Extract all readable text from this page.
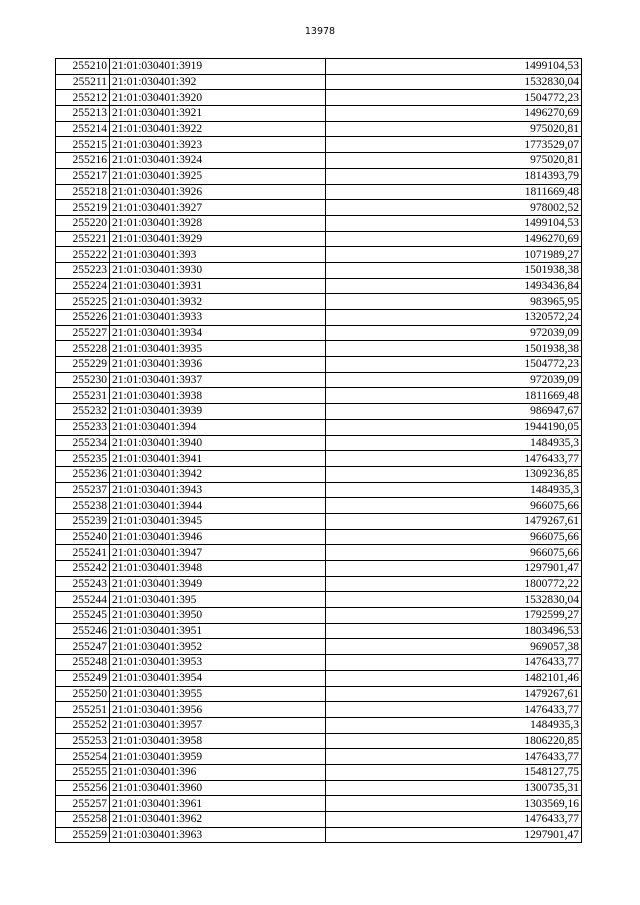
13978
255210	21:01:030401:3919	1499104,53
255211	21:01:030401:392	1532830,04
255212	21:01:030401:3920	1504772,23
255213	21:01:030401:3921	1496270,69
255214	21:01:030401:3922	975020,81
255215	21:01:030401:3923	1773529,07
255216	21:01:030401:3924	975020,81
255217	21:01:030401:3925	1814393,79
255218	21:01:030401:3926	1811669,48
255219	21:01:030401:3927	978002,52
255220	21:01:030401:3928	1499104,53
255221	21:01:030401:3929	1496270,69
255222	21:01:030401:393	1071989,27
255223	21:01:030401:3930	1501938,38
255224	21:01:030401:3931	1493436,84
255225	21:01:030401:3932	983965,95
255226	21:01:030401:3933	1320572,24
255227	21:01:030401:3934	972039,09
255228	21:01:030401:3935	1501938,38
255229	21:01:030401:3936	1504772,23
255230	21:01:030401:3937	972039,09
255231	21:01:030401:3938	1811669,48
255232	21:01:030401:3939	986947,67
255233	21:01:030401:394	1944190,05
255234	21:01:030401:3940	1484935,3
255235	21:01:030401:3941	1476433,77
255236	21:01:030401:3942	1309236,85
255237	21:01:030401:3943	1484935,3
255238	21:01:030401:3944	966075,66
255239	21:01:030401:3945	1479267,61
255240	21:01:030401:3946	966075,66
255241	21:01:030401:3947	966075,66
255242	21:01:030401:3948	1297901,47
255243	21:01:030401:3949	1800772,22
255244	21:01:030401:395	1532830,04
255245	21:01:030401:3950	1792599,27
255246	21:01:030401:3951	1803496,53
255247	21:01:030401:3952	969057,38
255248	21:01:030401:3953	1476433,77
255249	21:01:030401:3954	1482101,46
255250	21:01:030401:3955	1479267,61
255251	21:01:030401:3956	1476433,77
255252	21:01:030401:3957	1484935,3
255253	21:01:030401:3958	1806220,85
255254	21:01:030401:3959	1476433,77
255255	21:01:030401:396	1548127,75
255256	21:01:030401:3960	1300735,31
255257	21:01:030401:3961	1303569,16
255258	21:01:030401:3962	1476433,77
255259	21:01:030401:3963	1297901,47
